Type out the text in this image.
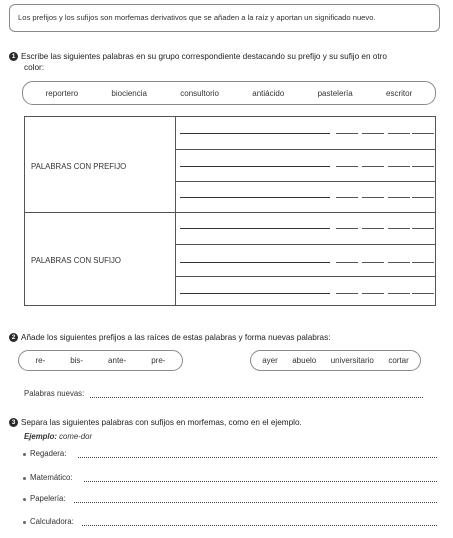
Los prefijos y los sufijos son morfemas derivativos que se añaden a la raíz y aportan un significado nuevo.
1 Escribe las siguientes palabras en su grupo correspondiente destacando su prefijo y su sufijo en otro
color:
reportero	biociencia	consultorio	antiácido	pastelería	escritor
PALABRAS CON PREFIJO
PALABRAS CON SUFIJO
2 Añade los siguientes prefijos a las raíces de estas palabras y forma nuevas palabras:
re-	bis-	ante-	pre-	ayer abuelo universitario cortar
Palabras nuevas:
3 Separa las siguientes palabras con sufijos en morfemas, como en el ejemplo.
Ejemplo: come-dor
Regadera:
Matemático:
Papelería:
Calculadora:
